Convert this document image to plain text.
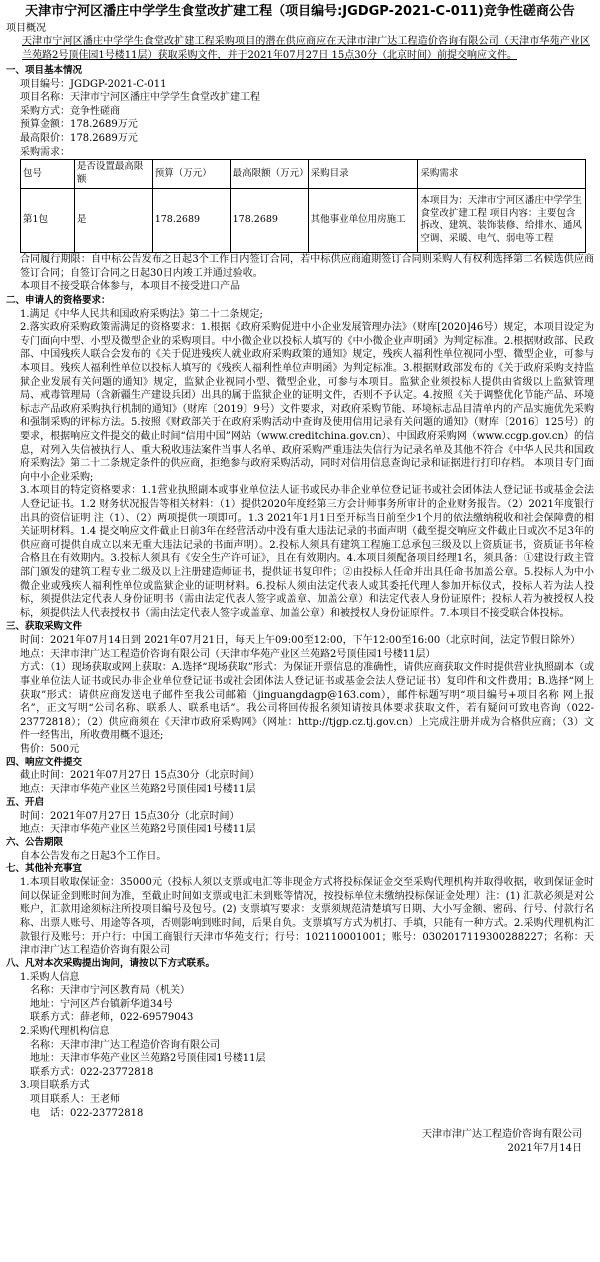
天津市宁河区潘庄中学学生食堂改扩建工程（项目编号:JGDGP-2021-C-011)竞争性磋商公告
项目概况
天津市宁河区潘庄中学学生食堂改扩建工程采购项目的潜在供应商应在天津市津广达工程造价咨询有限公司（天津市华苑产业区兰苑路2号顶佳园1号楼11层）获取采购文件，并于2021年07月27日 15点30分（北京时间）前提交响应文件。
一、项目基本情况
项目编号：JGDGP-2021-C-011
项目名称：天津市宁河区潘庄中学学生食堂改扩建工程
采购方式：竞争性磋商
预算金额：178.2689万元
最高限价：178.2689万元
采购需求：
包号	是否设置最高限额	预算（万元）	最高限额（万元）	采购目录	采购需求
第1包	是	178.2689	178.2689	其他事业单位用房施工	本项目为：天津市宁河区潘庄中学学生食堂改扩建工程 项目内容：主要包含拆改、建筑、装饰装修、给排水、通风空调、采暖、电气、弱电等工程
合同履行期限：自中标公告发布之日起3个工作日内签订合同，若中标供应商逾期签订合同则采购人有权利选择第二名候选供应商签订合同；自签订合同之日起30日内竣工并通过验收。
本项目不接受联合体参与，本项目不接受进口产品
二、申请人的资格要求：
1.满足《中华人民共和国政府采购法》第二十二条规定;
2.落实政府采购政策需满足的资格要求：1.根据《政府采购促进中小企业发展管理办法》（财库[2020]46号）规定，本项目设定为专门面向中型、小型及微型企业的采购项目。中小微企业以投标人填写的《中小微企业声明函》为判定标准。2.根据财政部、民政部、中国残疾人联合会发布的《关于促进残疾人就业政府采购政策的通知》规定，残疾人福利性单位视同小型、微型企业，可参与本项目。残疾人福利性单位以投标人填写的《残疾人福利性单位声明函》为判定标准。3.根据财政部发布的《关于政府采购支持监狱企业发展有关问题的通知》规定，监狱企业视同小型、微型企业，可参与本项目。监狱企业须投标人提供由省级以上监狱管理局、戒毒管理局（含新疆生产建设兵团）出具的属于监狱企业的证明文件，否则不予认定。4.按照《关于调整优化节能产品、环境标志产品政府采购执行机制的通知》（财库〔2019〕9号）文件要求，对政府采购节能、环境标志品目清单内的产品实施优先采购和强制采购的评标方法。5.按照《财政部关于在政府采购活动中查询及使用信用记录有关问题的通知》（财库〔2016〕125号）的要求，根据响应文件提交的截止时间“信用中国”网站（www.creditchina.gov.cn）、中国政府采购网（www.ccgp.gov.cn）的信息，对列入失信被执行人、重大税收违法案件当事人名单、政府采购严重违法失信行为记录名单及其他不符合《中华人民共和国政府采购法》第二十二条规定条件的供应商，拒绝参与政府采购活动，同时对信用信息查询记录和证据进行打印存档。 本项目专门面向中小企业采购;
3.本项目的特定资格要求：1.1营业执照副本或事业单位法人证书或民办非企业单位登记证书或社会团体法人登记证书或基金会法人登记证书。1.2 财务状况报告等相关材料：（1）提供2020年度经第三方会计师事务所审计的企业财务报告。（2）2021年度银行出具的资信证明 注（1）、（2）两项提供一项即可。1.3 2021年1月1日至开标当日前至少1个月的依法缴纳税收和社会保障费的相关证明材料。1.4 提交响应文件截止日前3年在经营活动中没有重大违法记录的书面声明（截至提交响应文件截止日或次不足3年的供应商可提供自成立以来无重大违法记录的书面声明）。2.投标人须具有建筑工程施工总承包三级及以上资质证书，资质证书年检合格且在有效期内。3.投标人须具有《安全生产许可证》，且在有效期内。4.本项目须配备项目经理1名，须具备：①建设行政主管部门颁发的建筑工程专业二级及以上注册建造师证书，提供证书复印件；②由投标人任命并出具任命书加盖公章。5.投标人为中小微企业或残疾人福利性单位或监狱企业的证明材料。6.投标人须由法定代表人或其委托代理人参加开标仪式，投标人若为法人投标，须提供法定代表人身份证明书（需由法定代表人签字或盖章、加盖公章）和法定代表人身份证原件；投标人若为被授权人投标，须提供法人代表授权书（需由法定代表人签字或盖章、加盖公章）和被授权人身份证原件。7.本项目不接受联合体投标。
三、获取采购文件
时间：2021年07月14日到 2021年07月21日，每天上午09:00至12:00，下午12:00至16:00（北京时间，法定节假日除外）
地点：天津市津广达工程造价咨询有限公司（天津市华苑产业区兰苑路2号顶佳园1号楼11层）
方式：（1）现场获取或网上获取：A.选择“现场获取”形式：为保证开票信息的准确性，请供应商获取文件时提供营业执照副本（或事业单位法人证书或民办非企业单位登记证书或社会团体法人登记证书或基金会法人登记证书）复印件和文件费用；B.选择“网上获取”形式：请供应商发送电子邮件至我公司邮箱（jinguangdagp@163.com），邮件标题写明“项目编号+项目名称 网上报名”，正文写明“公司名称、联系人、联系电话”。我公司将回传报名须知请按具体要求获取文件，若有疑问可致电咨询（022-23772818）；（2）供应商须在《天津市政府采购网》（网址：http://tjgp.cz.tj.gov.cn）上完成注册并成为合格供应商；（3）文件一经售出，所收费用概不退还;
售价：500元
四、响应文件提交
截止时间：2021年07月27日 15点30分（北京时间）
地点：天津市华苑产业区兰苑路2号顶佳园1号楼11层
五、开启
时间：2021年07月27日 15点30分（北京时间）
地点：天津市华苑产业区兰苑路2号顶佳园1号楼11层
六、公告期限
自本公告发布之日起3个工作日。
七、其他补充事宜
1.本项目收取保证金：35000元（投标人须以支票或电汇等非现金方式将投标保证金交至采购代理机构并取得收据，收到保证金时间以保证金到账时间为准，至截止时间如支票或电汇未到账等情况，按投标单位未缴纳投标保证金处理）注：(1) 汇款必须是对公账户，汇款用途须标注所投项目编号及包号。(2) 支票填写要求：支票须规范清楚填写日期、大小写金额、密码、行号、付款行名称、出票人账号、用途等各项，否则影响到账时间，后果自负。支票填写方式为机打、手填，只能有一种方式。2.采购代理机构汇款银行及账号：开户行：中国工商银行天津市华苑支行；行号：102110001001；账号：0302017119300288227；名称：天津市津广达工程造价咨询有限公司
八、凡对本次采购提出询问，请按以下方式联系。
1.采购人信息
名称：天津市宁河区教育局（机关）
地址：宁河区芦台镇新华道34号
联系方式：薛老师，022-69579043
2.采购代理机构信息
名称：天津市津广达工程造价咨询有限公司
地址：天津市华苑产业区兰苑路2号顶佳园1号楼11层
联系方式：022-23772818
3.项目联系方式
项目联系人：王老师
电　话：022-23772818
天津市津广达工程造价咨询有限公司
2021年7月14日
